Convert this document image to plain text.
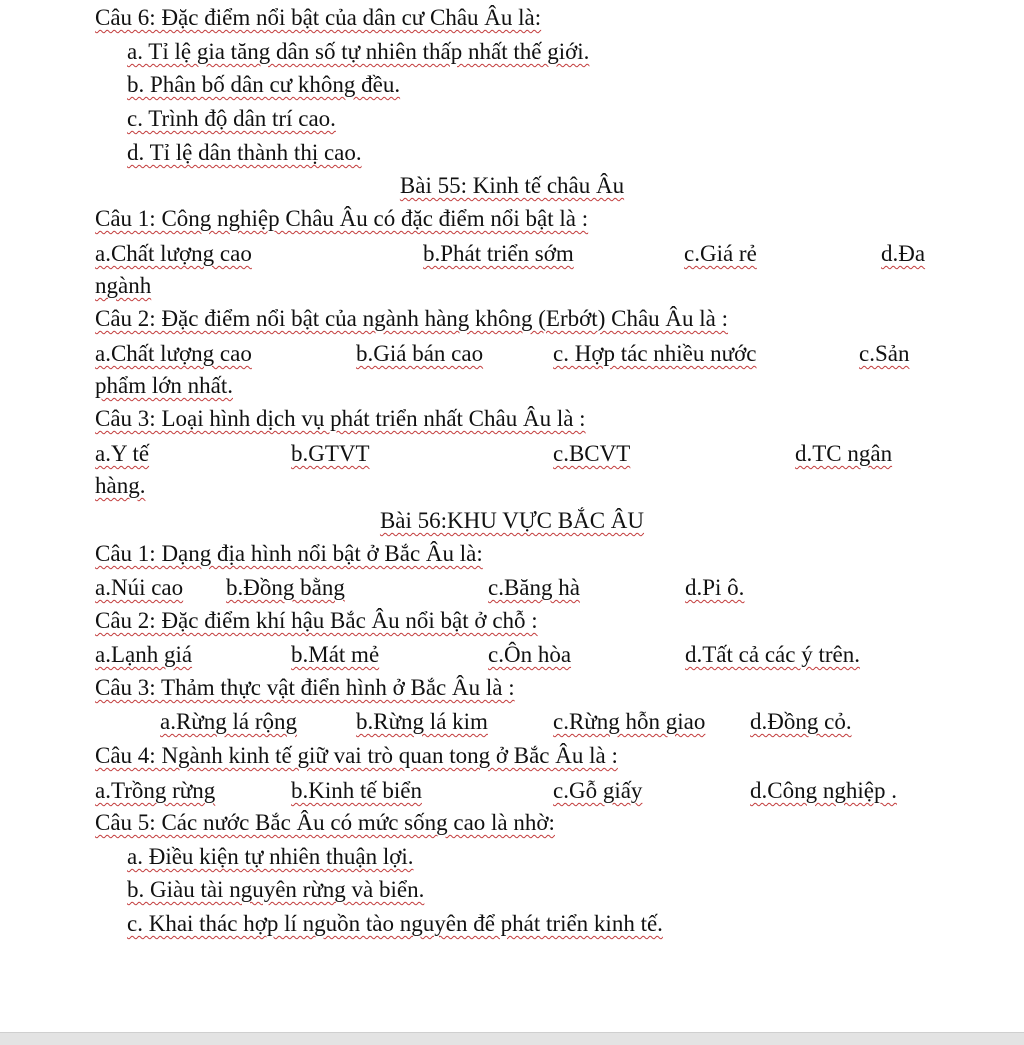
Câu 6: Đặc điểm nổi bật của dân cư Châu Âu là:
a. Tỉ lệ gia tăng dân số tự nhiên thấp nhất thế giới.
b. Phân bố dân cư không đều.
c. Trình độ dân trí cao.
d. Tỉ lệ dân thành thị cao.
Bài 55: Kinh tế châu Âu
Câu 1: Công nghiệp Châu Âu có đặc điểm nổi bật là :
a.Chất lượng cao	b.Phát triển sớm	c.Giá rẻ	d.Đa
ngành
Câu 2: Đặc điểm nổi bật của ngành hàng không (Erbớt) Châu Âu là :
a.Chất lượng cao	b.Giá bán cao	c. Hợp tác nhiều nước	c.Sản
phẩm lớn nhất.
Câu 3: Loại hình dịch vụ phát triển nhất Châu Âu là :
a.Y tế	b.GTVT	c.BCVT	d.TC ngân
hàng.
Bài 56:KHU VỰC BẮC ÂU
Câu 1: Dạng địa hình nổi bật ở Bắc Âu là:
a.Núi cao b.Đồng bằng	c.Băng hà	d.Pi ô.
Câu 2: Đặc điểm khí hậu Bắc Âu nổi bật ở chỗ :
a.Lạnh giá	b.Mát mẻ	c.Ôn hòa	d.Tất cả các ý trên.
Câu 3: Thảm thực vật điển hình ở Bắc Âu là :
a.Rừng lá rộng	b.Rừng lá kim	c.Rừng hỗn giao d.Đồng cỏ.
Câu 4: Ngành kinh tế giữ vai trò quan tong ở Bắc Âu là :
a.Trồng rừng	b.Kinh tế biển	c.Gỗ giấy	d.Công nghiệp .
Câu 5: Các nước Bắc Âu có mức sống cao là nhờ:
a. Điều kiện tự nhiên thuận lợi.
b. Giàu tài nguyên rừng và biển.
c. Khai thác hợp lí nguồn tào nguyên để phát triển kinh tế.
